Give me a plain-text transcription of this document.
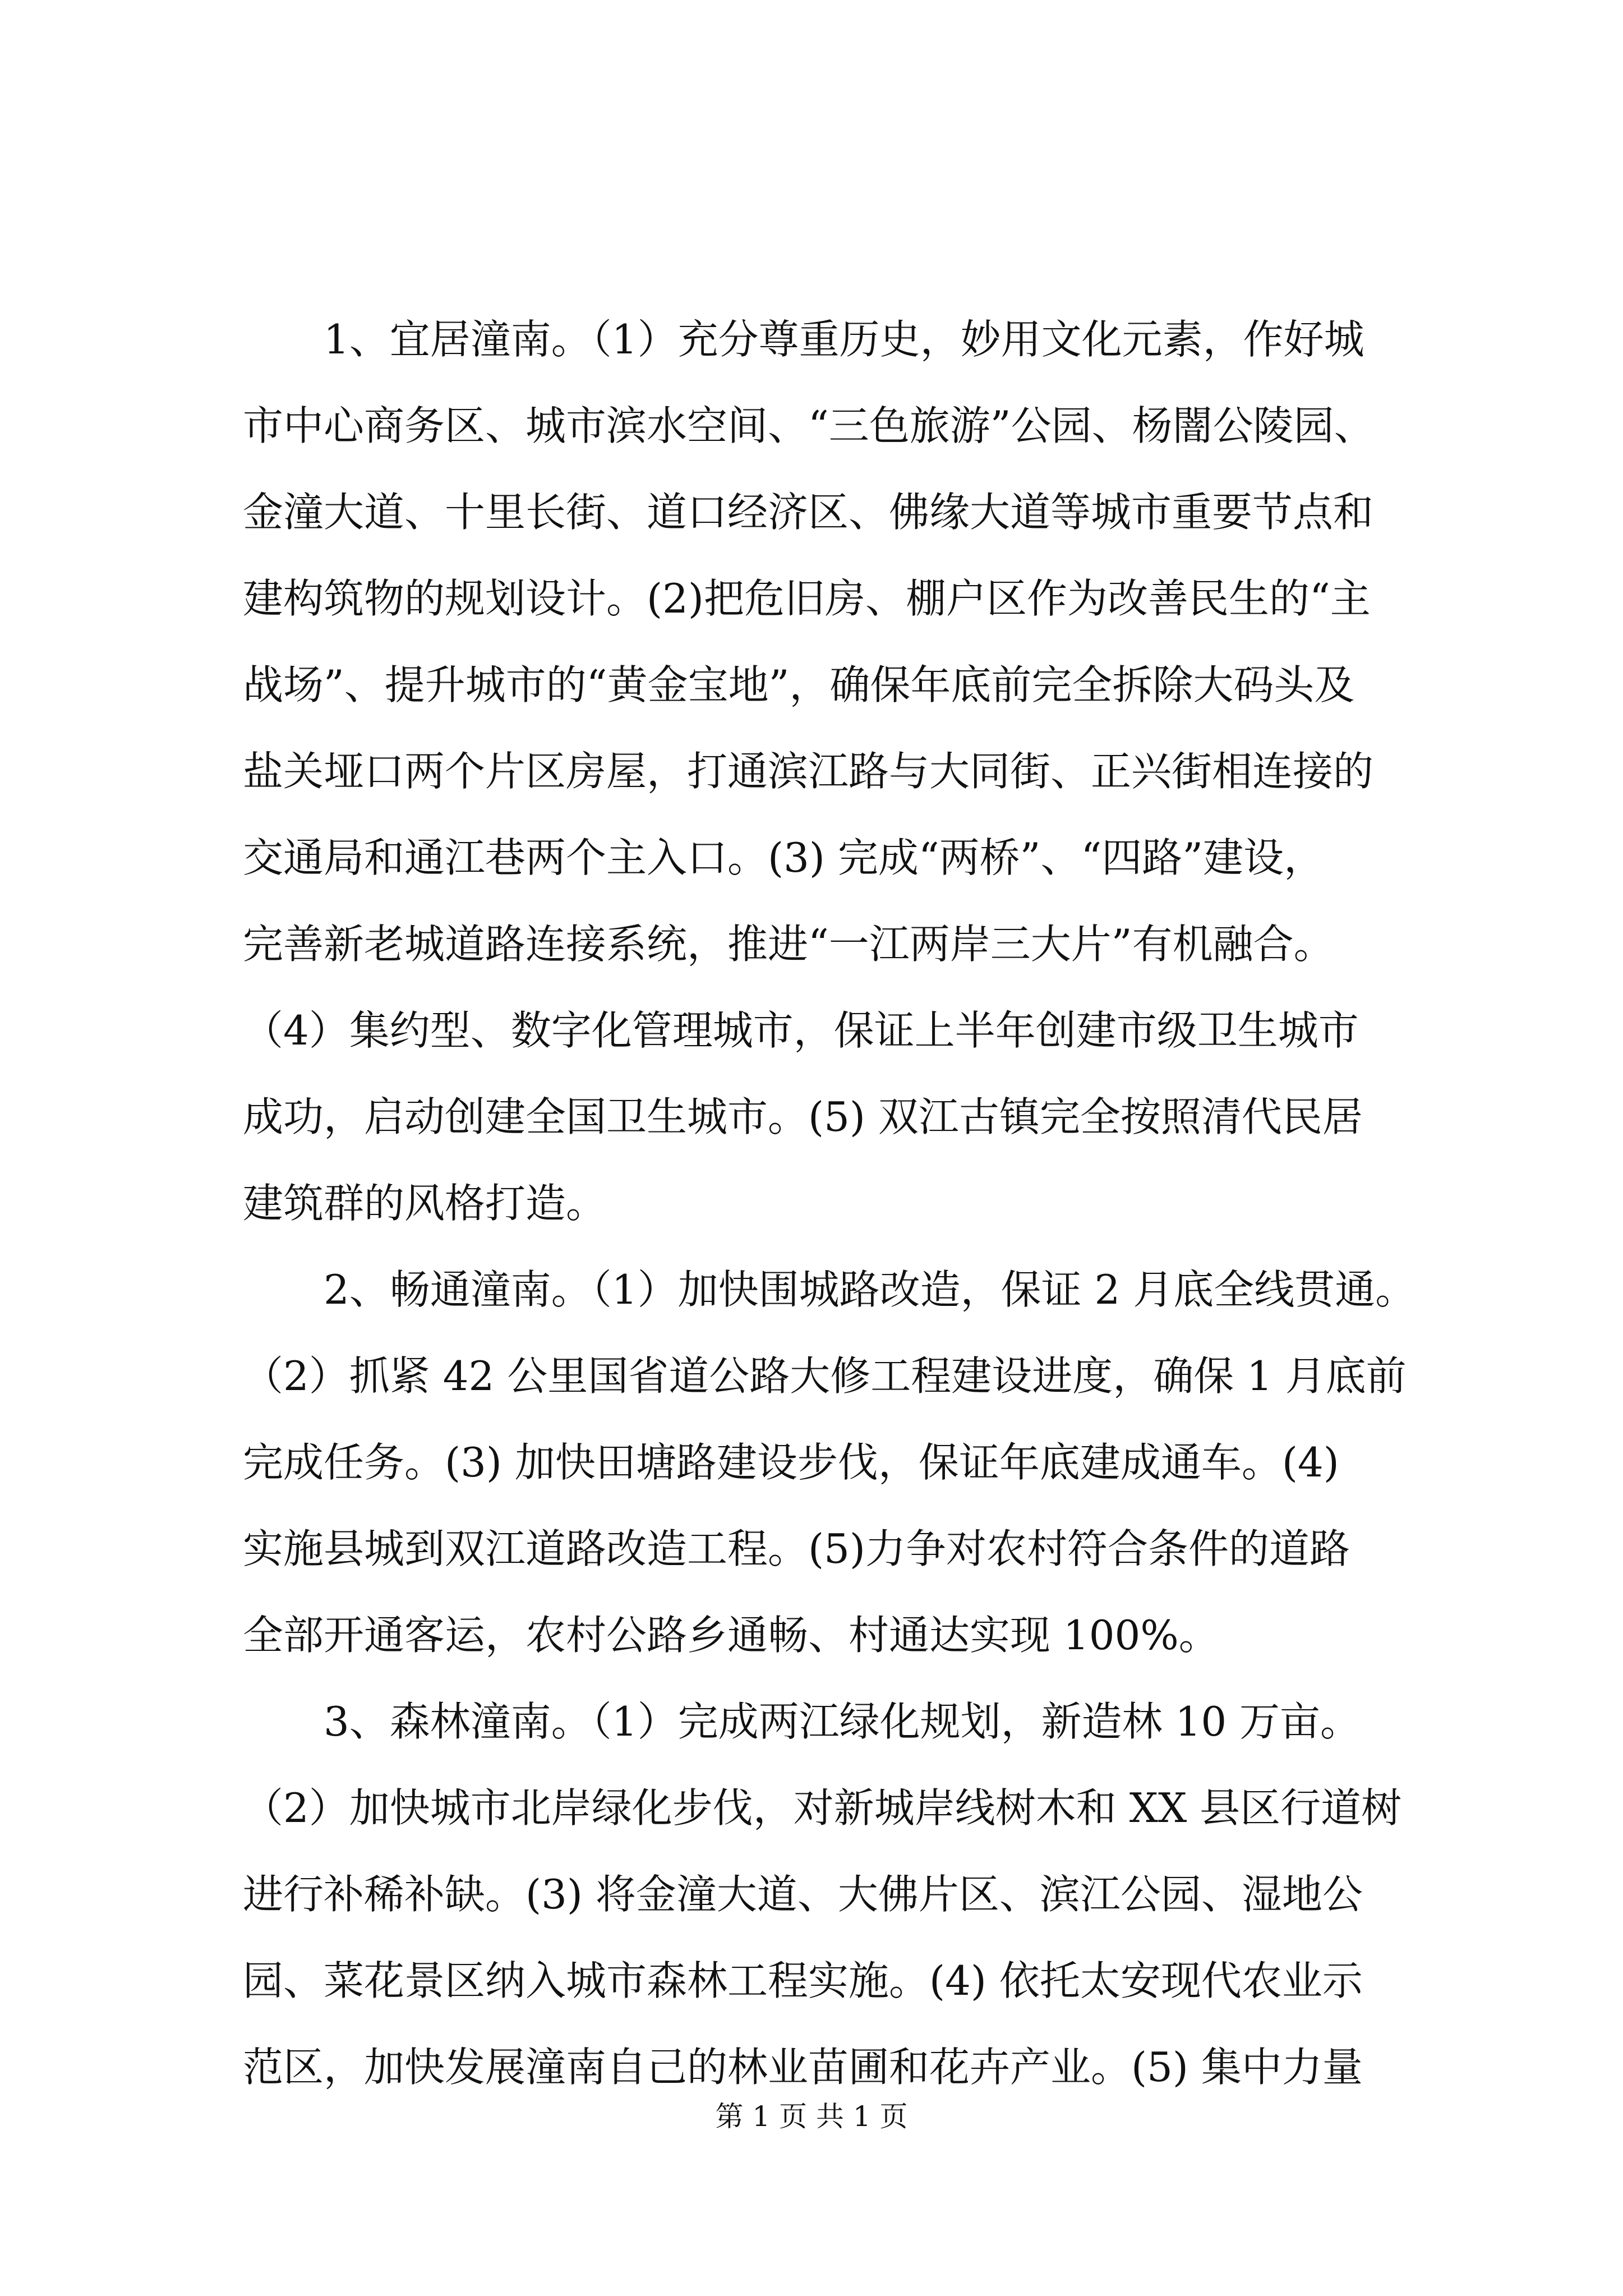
1、宜居潼南。（1）充分尊重历史，妙用文化元素，作好城
市中心商务区、城市滨水空间、“三色旅游”公园、杨闇公陵园、
金潼大道、十里长街、道口经济区、佛缘大道等城市重要节点和
建构筑物的规划设计。(2)把危旧房、棚户区作为改善民生的“主
战场”、提升城市的“黄金宝地”，确保年底前完全拆除大码头及
盐关垭口两个片区房屋，打通滨江路与大同街、正兴街相连接的
交通局和通江巷两个主入口。(3) 完成“两桥”、“四路”建设，
完善新老城道路连接系统，推进“一江两岸三大片”有机融合。
（4）集约型、数字化管理城市，保证上半年创建市级卫生城市
成功，启动创建全国卫生城市。(5) 双江古镇完全按照清代民居
建筑群的风格打造。
2、畅通潼南。（1）加快围城路改造，保证 2 月底全线贯通。
（2）抓紧 42 公里国省道公路大修工程建设进度，确保 1 月底前
完成任务。(3) 加快田塘路建设步伐，保证年底建成通车。(4)
实施县城到双江道路改造工程。(5)力争对农村符合条件的道路
全部开通客运，农村公路乡通畅、村通达实现 100%。
3、森林潼南。（1）完成两江绿化规划，新造林 10 万亩。
（2）加快城市北岸绿化步伐，对新城岸线树木和 XX 县区行道树
进行补稀补缺。(3) 将金潼大道、大佛片区、滨江公园、湿地公
园、菜花景区纳入城市森林工程实施。(4) 依托太安现代农业示
范区，加快发展潼南自己的林业苗圃和花卉产业。(5) 集中力量
第 1 页 共 1 页
